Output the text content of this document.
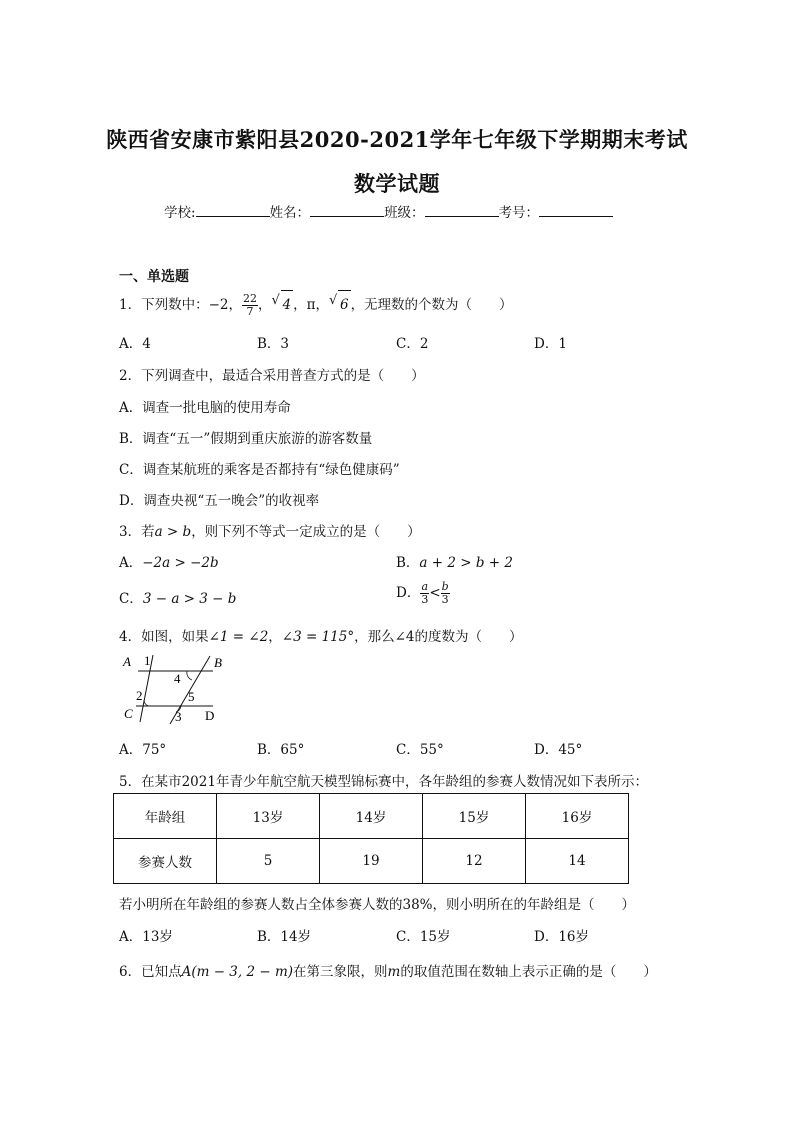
陕西省安康市紫阳县2020-2021学年七年级下学期期末考试
数学试题
学校:	姓名：	班级：	考号：
一、单选题
1．下列数中：−2， $\frac{22}{7}$ ， √ 4 ，π， √ 6 ，无理数的个数为（　　）
A．4	B．3	C．2	D．1
2．下列调查中，最适合采用普查方式的是（　　）
A．调查一批电脑的使用寿命
B．调查“五一”假期到重庆旅游的游客数量
C．调查某航班的乘客是否都持有“绿色健康码”
D．调查央视“五一晚会”的收视率
3．若a > b，则下列不等式一定成立的是（　　）
A．−2a > −2b	B．a + 2 > b + 2
C．3 − a > 3 − b	D． $\frac{a}{3} < \frac{b}{3}$
4．如图，如果∠1 = ∠2，∠3 = 115°，那么∠4的度数为（　　）
A	B
C	D
1
2
3
4
5
A．75°	B．65°	C．55°	D．45°
5．在某市2021年青少年航空航天模型锦标赛中，各年龄组的参赛人数情况如下表所示：
年龄组	13岁	14岁	15岁	16岁
参赛人数	5	19	12	14
若小明所在年龄组的参赛人数占全体参赛人数的38%，则小明所在的年龄组是（　　）
A．13岁	B．14岁	C．15岁	D．16岁
6．已知点A(m − 3, 2 − m)在第三象限，则m的取值范围在数轴上表示正确的是（　　）
